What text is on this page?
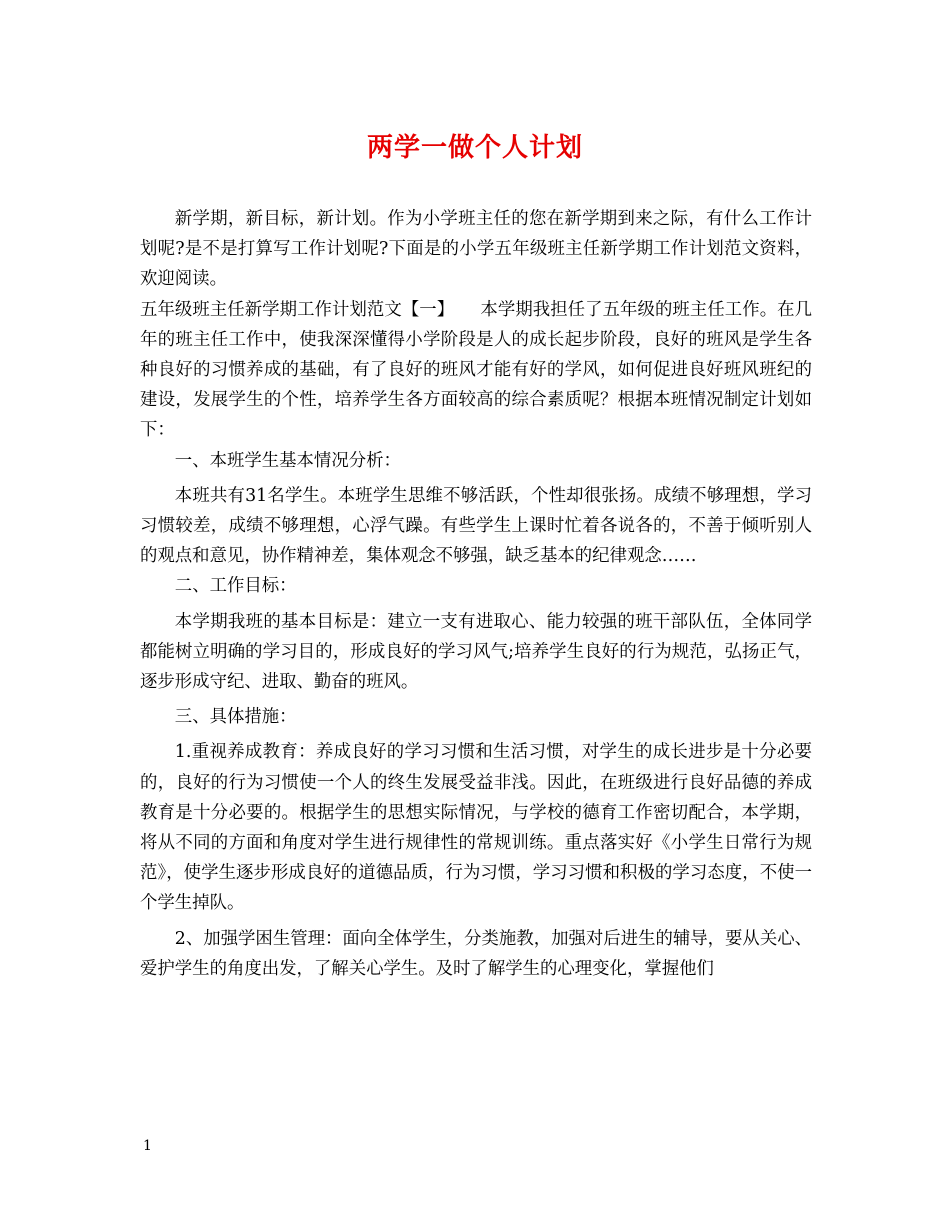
两学一做个人计划

新学期，新目标，新计划。作为小学班主任的您在新学期到来之际，有什么工作计划呢?是不是打算写工作计划呢?下面是的小学五年级班主任新学期工作计划范文资料，欢迎阅读。

五年级班主任新学期工作计划范文【一】　　本学期我担任了五年级的班主任工作。在几年的班主任工作中，使我深深懂得小学阶段是人的成长起步阶段，良好的班风是学生各种良好的习惯养成的基础，有了良好的班风才能有好的学风，如何促进良好班风班纪的建设，发展学生的个性，培养学生各方面较高的综合素质呢？根据本班情况制定计划如下：

一、本班学生基本情况分析：

本班共有31名学生。本班学生思维不够活跃，个性却很张扬。成绩不够理想，学习习惯较差，成绩不够理想，心浮气躁。有些学生上课时忙着各说各的，不善于倾听别人的观点和意见，协作精神差，集体观念不够强，缺乏基本的纪律观念……

二、工作目标：

本学期我班的基本目标是：建立一支有进取心、能力较强的班干部队伍，全体同学都能树立明确的学习目的，形成良好的学习风气;培养学生良好的行为规范，弘扬正气，逐步形成守纪、进取、勤奋的班风。

三、具体措施：

1.重视养成教育：养成良好的学习习惯和生活习惯，对学生的成长进步是十分必要的，良好的行为习惯使一个人的终生发展受益非浅。因此，在班级进行良好品德的养成教育是十分必要的。根据学生的思想实际情况，与学校的德育工作密切配合，本学期，将从不同的方面和角度对学生进行规律性的常规训练。重点落实好《小学生日常行为规范》，使学生逐步形成良好的道德品质，行为习惯，学习习惯和积极的学习态度，不使一个学生掉队。

2、加强学困生管理：面向全体学生，分类施教，加强对后进生的辅导，要从关心、爱护学生的角度出发，了解关心学生。及时了解学生的心理变化，掌握他们

1
